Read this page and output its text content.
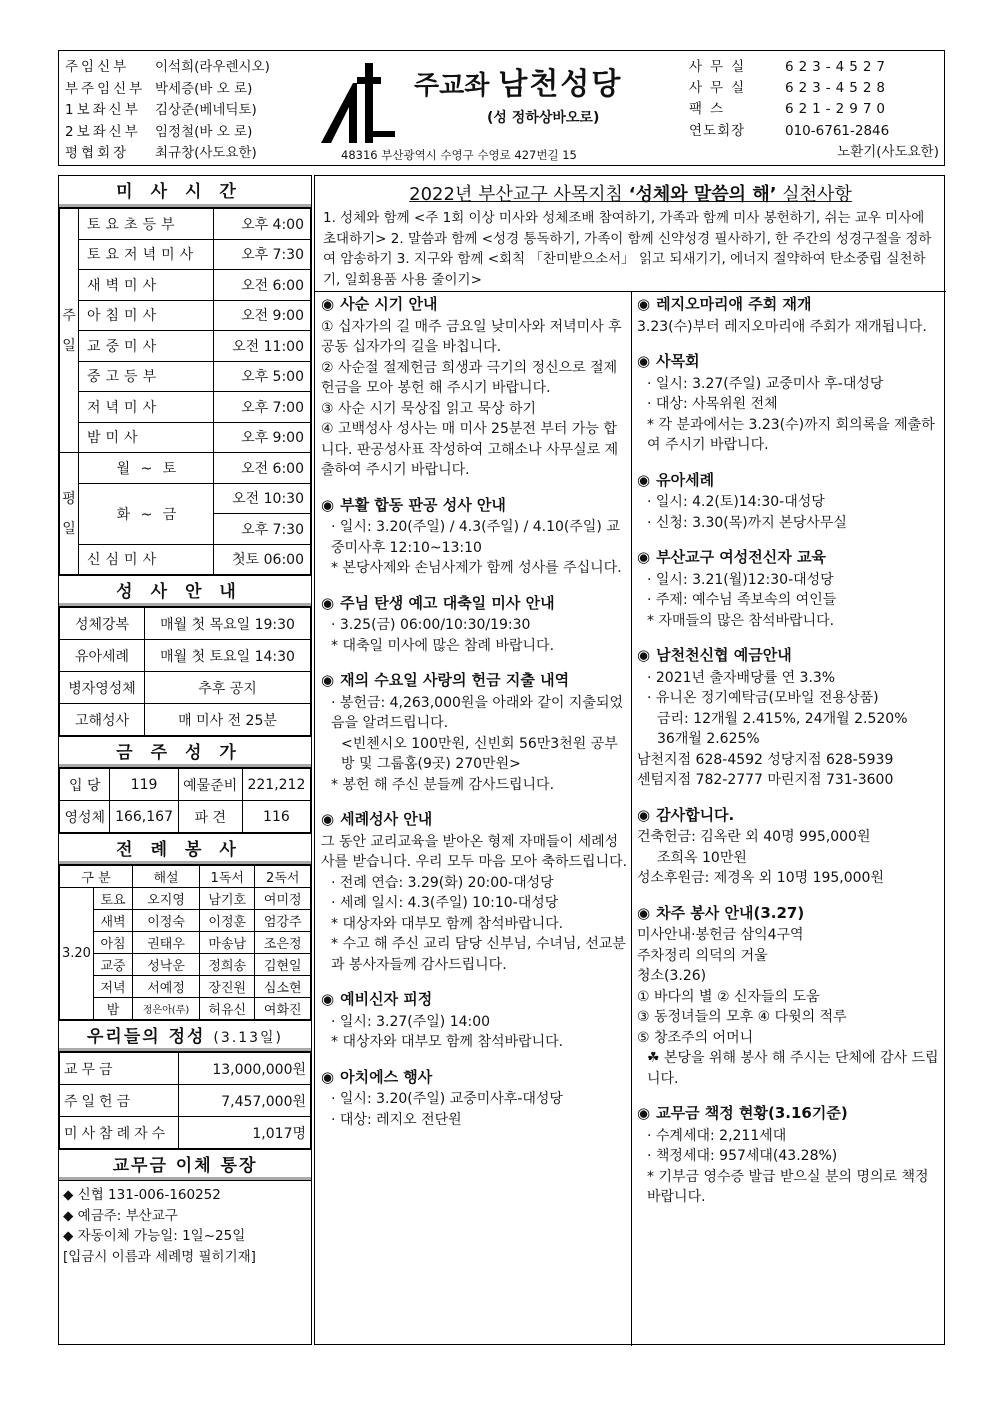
주임신부 이석희(라우렌시오)
부주임신부 박세증(바 오 로)
1보좌신부 김상준(베네딕토)
2보좌신부 임정철(바 오 로)
평협회장 최규창(사도요한)
주교좌 남천성당
(성 정하상바오로)
48316 부산광역시 수영구 수영로 427번길 15
사무실 623-4527
사무실 623-4528
팩스	621-2970
연도회장	010-6761-2846
노환기(사도요한)
미사시간
주
일	토요초등부	오후 4:00
	토요저녁미사	오후 7:30
	새벽미사	오전 6:00
	아침미사	오전 9:00
	교중미사	오전 11:00
	중고등부	오후 5:00
	저녁미사	오후 7:00
	밤미사	오후 9:00

평
일	월 ~ 토	오전 6:00
	화 ~ 금	오전 10:30
		오후 7:30
	신심미사	첫토 06:00
성사안내
성체강복	매월 첫 목요일 19:30
유아세례	매월 첫 토요일 14:30
병자영성체	추후 공지
고해성사	매 미사 전 25분
금주성가
입 당	119	예물준비	221,212
영성체	166,167	파 견	116
전례봉사
구 분		해설	1독서	2독서
3.20	토요	오지영	남기호	여미정
	새벽	이정숙	이정훈	엄강주
	아침	권태우	마송남	조은정
	교중	성낙운	정희송	김현일
	저녁	서예정	장진원	심소현
	밤	정은아(루)	허유신	여화진
우리들의 정성 (3.13일)
교무금	13,000,000원
주일헌금	7,457,000원
미사참례자수	1,017명
교무금 이체 통장
◆ 신협 131-006-160252
◆ 예금주: 부산교구
◆ 자동이체 가능일: 1일~25일
[입금시 이름과 세례명 필히기재]
2022년 부산교구 사목지침 ‘성체와 말씀의 해’ 실천사항

1. 성체와 함께 <주 1회 이상 미사와 성체조배 참여하기, 가족과 함께 미사 봉헌하기, 쉬는 교우 미사에 초대하기> 2. 말씀과 함께 <성경 통독하기, 가족이 함께 신약성경 필사하기, 한 주간의 성경구절을 정하여 암송하기 3. 지구와 함께 <회칙 「찬미받으소서」 읽고 되새기기, 에너지 절약하여 탄소중립 실천하기, 일회용품 사용 줄이기>

◉ 사순 시기 안내

① 십자가의 길 매주 금요일 낮미사와 저녁미사 후 공동 십자가의 길을 바칩니다.

② 사순절 절제헌금 희생과 극기의 정신으로 절제 헌금을 모아 봉헌 해 주시기 바랍니다.

③ 사순 시기 묵상집 읽고 묵상 하기

④ 고백성사 성사는 매 미사 25분전 부터 가능 합니다. 판공성사표 작성하여 고해소나 사무실로 제출하여 주시기 바랍니다.

◉ 부활 합동 판공 성사 안내

· 일시: 3.20(주일) / 4.3(주일) / 4.10(주일) 교중미사후 12:10~13:10

* 본당사제와 손님사제가 함께 성사를 주십니다.

◉ 주님 탄생 예고 대축일 미사 안내

· 3.25(금) 06:00/10:30/19:30

* 대축일 미사에 많은 참례 바랍니다.

◉ 재의 수요일 사랑의 헌금 지출 내역

· 봉헌금: 4,263,000원을 아래와 같이 지출되었음을 알려드립니다.

<빈첸시오 100만원, 신빈회 56만3천원 공부방 및 그룹홈(9곳) 270만원>

* 봉헌 해 주신 분들께 감사드립니다.

◉ 세례성사 안내

그 동안 교리교육을 받아온 형제 자매들이 세례성사를 받습니다. 우리 모두 마음 모아 축하드립니다.

· 전례 연습: 3.29(화) 20:00-대성당

· 세례 일시: 4.3(주일) 10:10-대성당

* 대상자와 대부모 함께 참석바랍니다.

* 수고 해 주신 교리 담당 신부님, 수녀님, 선교분과 봉사자들께 감사드립니다.

◉ 예비신자 피정

· 일시: 3.27(주일) 14:00

* 대상자와 대부모 함께 참석바랍니다.

◉ 아치에스 행사

· 일시: 3.20(주일) 교중미사후-대성당

· 대상: 레지오 전단원

◉ 레지오마리애 주회 재개

3.23(수)부터 레지오마리애 주회가 재개됩니다.

◉ 사목회

· 일시: 3.27(주일) 교중미사 후-대성당

· 대상: 사목위원 전체

* 각 분과에서는 3.23(수)까지 회의록을 제출하여 주시기 바랍니다.

◉ 유아세례

· 일시: 4.2(토)14:30-대성당

· 신청: 3.30(목)까지 본당사무실

◉ 부산교구 여성전신자 교육

· 일시: 3.21(월)12:30-대성당

· 주제: 예수님 족보속의 여인들

* 자매들의 많은 참석바랍니다.

◉ 남천천신협 예금안내

· 2021년 출자배당률 연 3.3%

· 유니온 정기예탁금(모바일 전용상품)

금리: 12개월 2.415%, 24개월 2.520%

36개월 2.625%

남천지점 628-4592 성당지점 628-5939

센텀지점 782-2777 마린지점 731-3600

◉ 감사합니다.

건축헌금: 김옥란 외 40명 995,000원

조희옥 10만원

성소후원금: 제경옥 외 10명 195,000원

◉ 차주 봉사 안내(3.27)

미사안내·봉헌금 삼익4구역

주차정리 의덕의 거울

청소(3.26)

① 바다의 별 ② 신자들의 도움

③ 동정녀들의 모후 ④ 다윗의 적루

⑤ 창조주의 어머니

☘ 본당을 위해 봉사 해 주시는 단체에 감사 드립니다.

◉ 교무금 책정 현황(3.16기준)

· 수계세대: 2,211세대

· 책정세대: 957세대(43.28%)

* 기부금 영수증 발급 받으실 분의 명의로 책정 바랍니다.
